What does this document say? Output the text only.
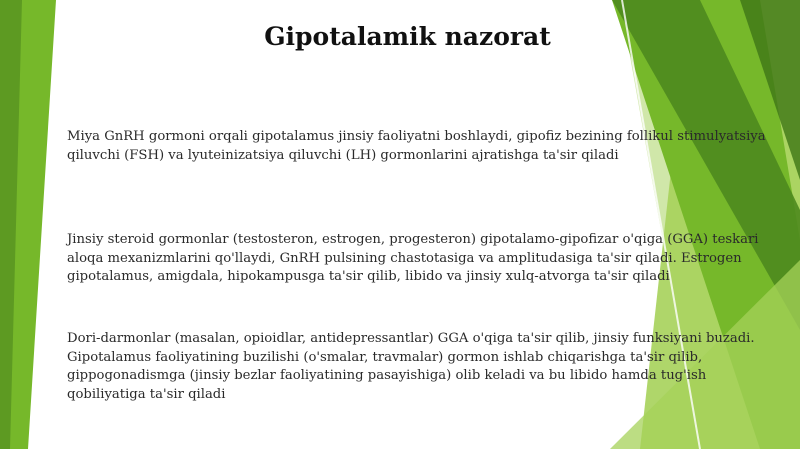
Gipotalamik nazorat

Miya GnRH gormoni orqali gipotalamus jinsiy faoliyatni boshlaydi, gipofiz bezining follikul stimulyatsiya qiluvchi (FSH) va lyuteinizatsiya qiluvchi (LH) gormonlarini ajratishga ta'sir qiladi

Jinsiy steroid gormonlar (testosteron, estrogen, progesteron) gipotalamo-gipofizar o'qiga (GGA) teskari aloqa mexanizmlarini qo'llaydi, GnRH pulsining chastotasiga va amplitudasiga ta'sir qiladi. Estrogen gipotalamus, amigdala, hipokampusga ta'sir qilib, libido va jinsiy xulq-atvorga ta'sir qiladi

Dori-darmonlar (masalan, opioidlar, antidepressantlar) GGA o'qiga ta'sir qilib, jinsiy funksiyani buzadi. Gipotalamus faoliyatining buzilishi (o'smalar, travmalar) gormon ishlab chiqarishga ta'sir qilib, gippogonadismga (jinsiy bezlar faoliyatining pasayishiga) olib keladi va bu libido hamda tug'ish qobiliyatiga ta'sir qiladi
